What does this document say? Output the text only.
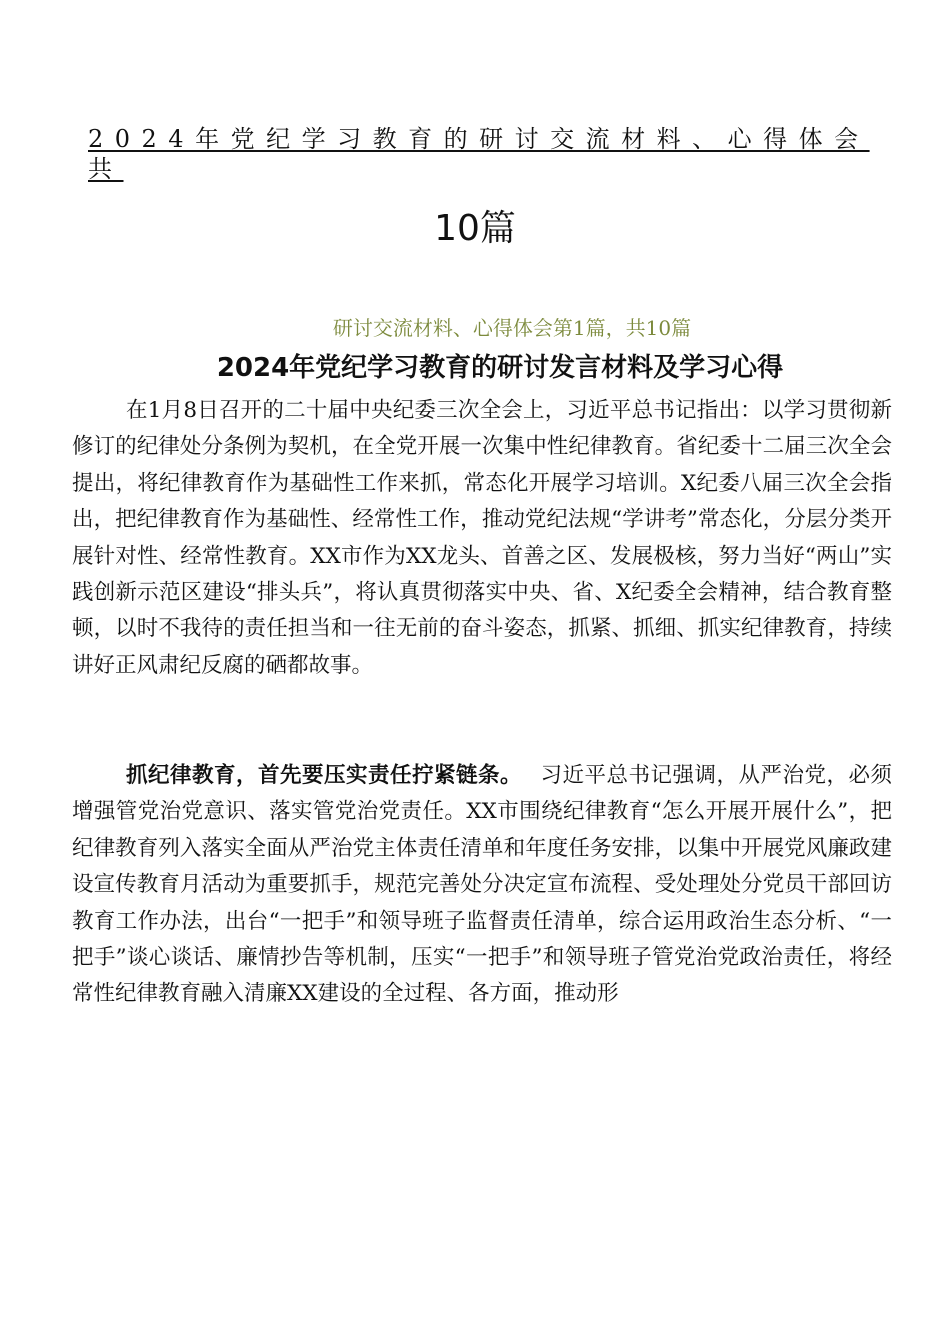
2024年党纪学习教育的研讨交流材料、心得体会共
10篇
研讨交流材料、心得体会第1篇，共10篇
2024年党纪学习教育的研讨发言材料及学习心得

在1月8日召开的二十届中央纪委三次全会上，习近平总书记指出：以学习贯彻新修订的纪律处分条例为契机，在全党开展一次集中性纪律教育。省纪委十二届三次全会提出，将纪律教育作为基础性工作来抓，常态化开展学习培训。X纪委八届三次全会指出，把纪律教育作为基础性、经常性工作，推动党纪法规“学讲考”常态化，分层分类开展针对性、经常性教育。XX市作为XX龙头、首善之区、发展极核，努力当好“两山”实践创新示范区建设“排头兵”，将认真贯彻落实中央、省、X纪委全会精神，结合教育整顿，以时不我待的责任担当和一往无前的奋斗姿态，抓紧、抓细、抓实纪律教育，持续讲好正风肃纪反腐的硒都故事。

抓纪律教育，首先要压实责任拧紧链条。　 习近平总书记强调，从严治党，必须增强管党治党意识、落实管党治党责任。XX市围绕纪律教育“怎么开展开展什么”，把纪律教育列入落实全面从严治党主体责任清单和年度任务安排，以集中开展党风廉政建设宣传教育月活动为重要抓手，规范完善处分决定宣布流程、受处理处分党员干部回访教育工作办法，出台“一把手”和领导班子监督责任清单，综合运用政治生态分析、“一把手”谈心谈话、廉情抄告等机制，压实“一把手”和领导班子管党治党政治责任，将经常性纪律教育融入清廉XX建设的全过程、各方面，推动形
